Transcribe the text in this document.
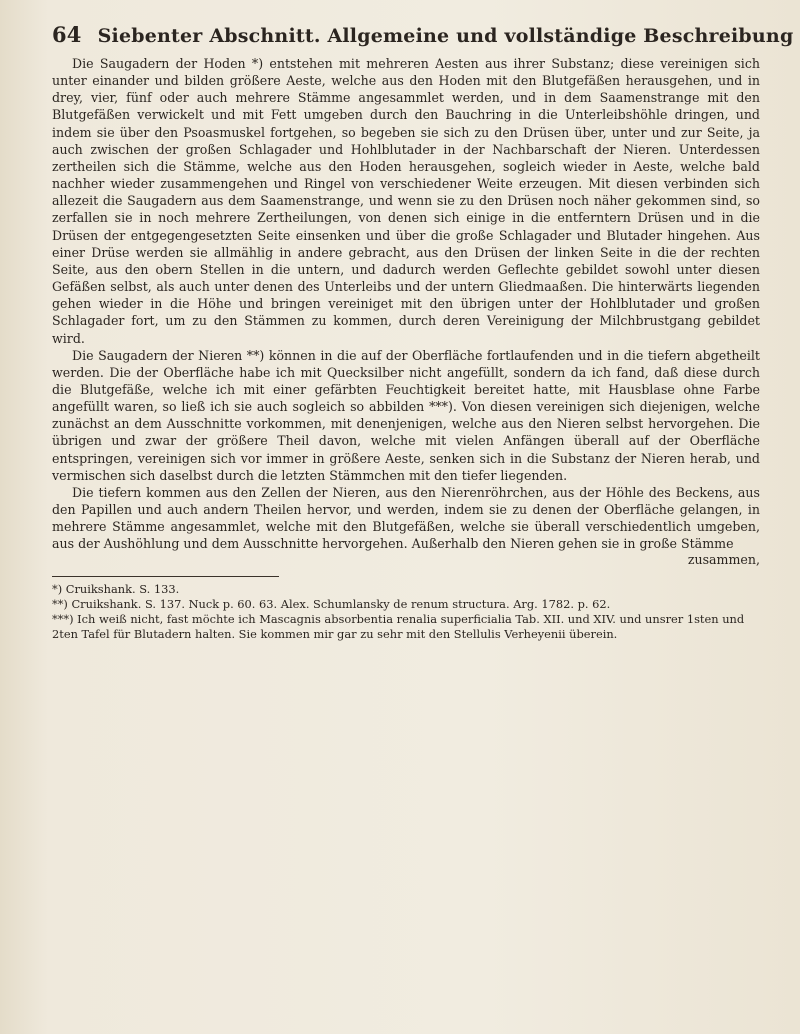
64 Siebenter Abschnitt. Allgemeine und vollständige Beschreibung

Die Saugadern der Hoden *) entstehen mit mehreren Aesten aus ihrer Substanz; diese vereinigen sich unter einander und bilden größere Aeste, welche aus den Hoden mit den Blutgefäßen herausgehen, und in drey, vier, fünf oder auch mehrere Stämme angesammlet werden, und in dem Saamenstrange mit den Blutgefäßen verwickelt und mit Fett umgeben durch den Bauchring in die Unterleibshöhle dringen, und indem sie über den Psoasmuskel fortgehen, so begeben sie sich zu den Drüsen über, unter und zur Seite, ja auch zwischen der großen Schlagader und Hohlblutader in der Nachbarschaft der Nieren. Unterdessen zertheilen sich die Stämme, welche aus den Hoden herausgehen, sogleich wieder in Aeste, welche bald nachher wieder zusammengehen und Ringel von verschiedener Weite erzeugen. Mit diesen verbinden sich allezeit die Saugadern aus dem Saamenstrange, und wenn sie zu den Drüsen noch näher gekommen sind, so zerfallen sie in noch mehrere Zertheilungen, von denen sich einige in die entferntern Drüsen und in die Drüsen der entgegengesetzten Seite einsenken und über die große Schlagader und Blutader hingehen. Aus einer Drüse werden sie allmählig in andere gebracht, aus den Drüsen der linken Seite in die der rechten Seite, aus den obern Stellen in die untern, und dadurch werden Geflechte gebildet sowohl unter diesen Gefäßen selbst, als auch unter denen des Unterleibs und der untern Gliedmaaßen. Die hinterwärts liegenden gehen wieder in die Höhe und bringen vereiniget mit den übrigen unter der Hohlblutader und großen Schlagader fort, um zu den Stämmen zu kommen, durch deren Vereinigung der Milchbrustgang gebildet wird.

Die Saugadern der Nieren **) können in die auf der Oberfläche fortlaufenden und in die tiefern abgetheilt werden. Die der Oberfläche habe ich mit Quecksilber nicht angefüllt, sondern da ich fand, daß diese durch die Blutgefäße, welche ich mit einer gefärbten Feuchtigkeit bereitet hatte, mit Hausblase ohne Farbe angefüllt waren, so ließ ich sie auch sogleich so abbilden ***). Von diesen vereinigen sich diejenigen, welche zunächst an dem Ausschnitte vorkommen, mit denenjenigen, welche aus den Nieren selbst hervorgehen. Die übrigen und zwar der größere Theil davon, welche mit vielen Anfängen überall auf der Oberfläche entspringen, vereinigen sich vor immer in größere Aeste, senken sich in die Substanz der Nieren herab, und vermischen sich daselbst durch die letzten Stämmchen mit den tiefer liegenden.

Die tiefern kommen aus den Zellen der Nieren, aus den Nierenröhrchen, aus der Höhle des Beckens, aus den Papillen und auch andern Theilen hervor, und werden, indem sie zu denen der Oberfläche gelangen, in mehrere Stämme angesammlet, welche mit den Blutgefäßen, welche sie überall verschiedentlich umgeben, aus der Aushöhlung und dem Ausschnitte hervorgehen. Außerhalb den Nieren gehen sie in große Stämme

zusammen,

*) Cruikshank. S. 133.

**) Cruikshank. S. 137. Nuck p. 60. 63. Alex. Schumlansky de renum structura. Arg. 1782. p. 62.

***) Ich weiß nicht, fast möchte ich Mascagnis absorbentia renalia superficialia Tab. XII. und XIV. und unsrer 1sten und 2ten Tafel für Blutadern halten. Sie kommen mir gar zu sehr mit den Stellulis Verheyenii überein.
